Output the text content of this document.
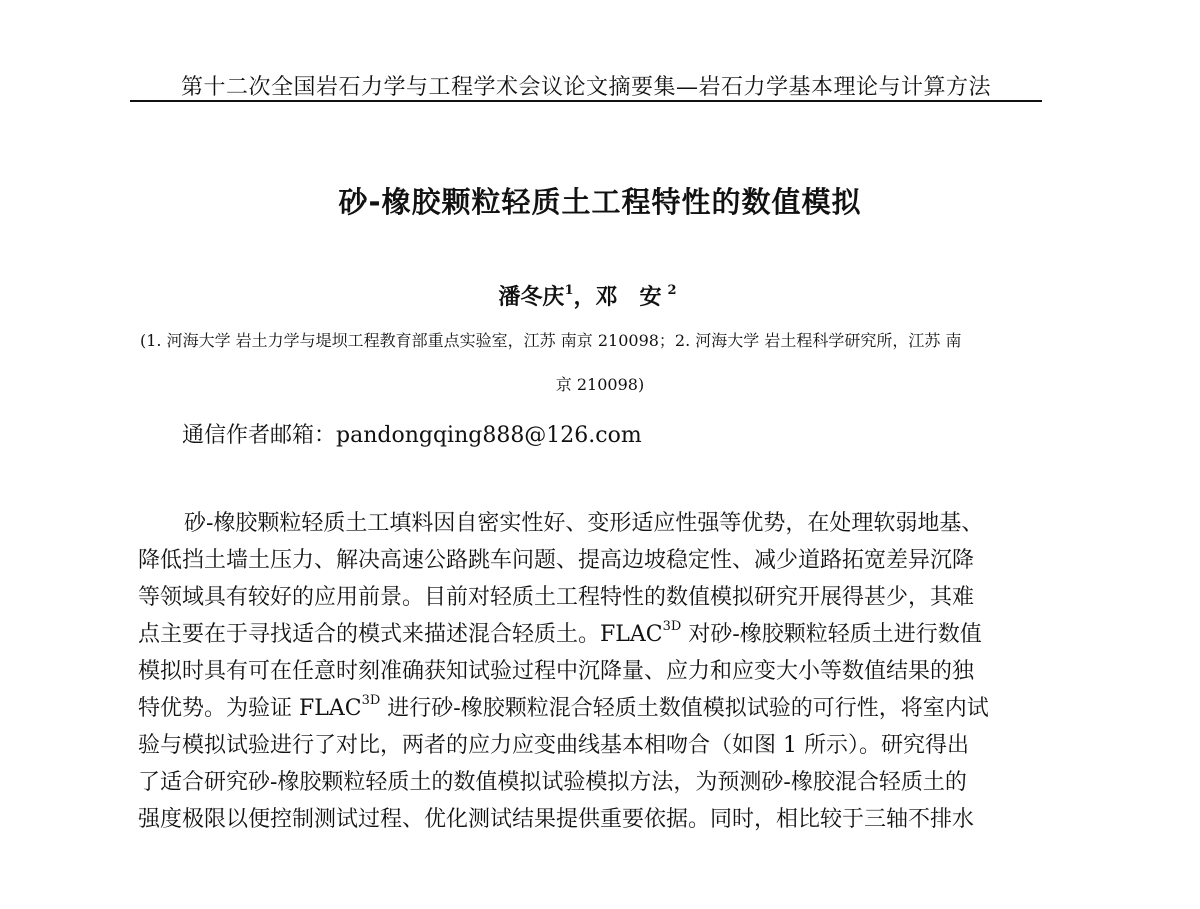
第十二次全国岩石力学与工程学术会议论文摘要集—岩石力学基本理论与计算方法
砂-橡胶颗粒轻质土工程特性的数值模拟
潘冬庆$^1$，邓　安 $^2$
(1. 河海大学 岩土力学与堤坝工程教育部重点实验室，江苏 南京 210098；2. 河海大学 岩土程科学研究所，江苏 南
京 210098)
通信作者邮箱：pandongqing888@126.com
砂-橡胶颗粒轻质土工填料因自密实性好、变形适应性强等优势，在处理软弱地基、
降低挡土墙土压力、解决高速公路跳车问题、提高边坡稳定性、减少道路拓宽差异沉降
等领域具有较好的应用前景。目前对轻质土工程特性的数值模拟研究开展得甚少，其难
点主要在于寻找适合的模式来描述混合轻质土。$FLAC^{3D}$ 对砂-橡胶颗粒轻质土进行数值
模拟时具有可在任意时刻准确获知试验过程中沉降量、应力和应变大小等数值结果的独
特优势。为验证 $FLAC^{3D}$ 进行砂-橡胶颗粒混合轻质土数值模拟试验的可行性，将室内试
验与模拟试验进行了对比，两者的应力应变曲线基本相吻合（如图 1 所示）。研究得出
了适合研究砂-橡胶颗粒轻质土的数值模拟试验模拟方法，为预测砂-橡胶混合轻质土的
强度极限以便控制测试过程、优化测试结果提供重要依据。同时，相比较于三轴不排水
